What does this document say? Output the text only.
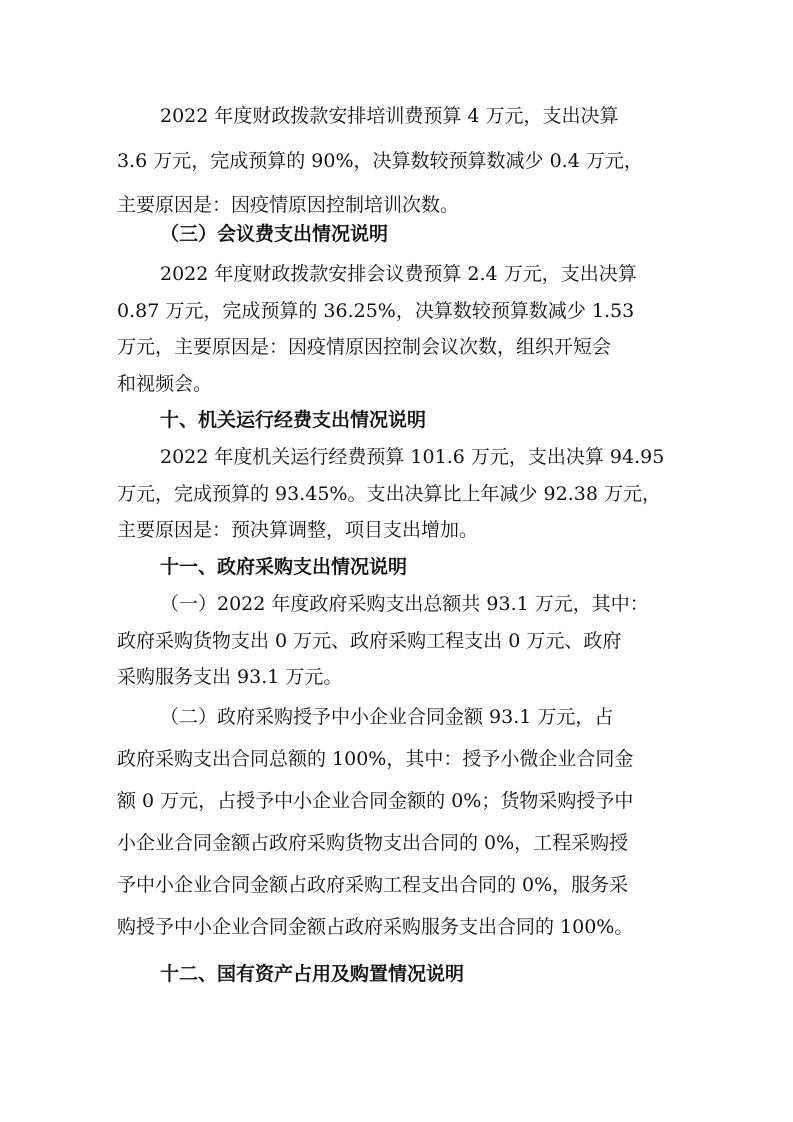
2022 年度财政拨款安排培训费预算 4 万元，支出决算
3.6 万元，完成预算的 90%，决算数较预算数减少 0.4 万元，
主要原因是：因疫情原因控制培训次数。
（三）会议费支出情况说明
2022 年度财政拨款安排会议费预算 2.4 万元，支出决算
0.87 万元，完成预算的 36.25%，决算数较预算数减少 1.53
万元，主要原因是：因疫情原因控制会议次数，组织开短会
和视频会。
十、机关运行经费支出情况说明
2022 年度机关运行经费预算 101.6 万元，支出决算 94.95
万元，完成预算的 93.45%。支出决算比上年减少 92.38 万元，
主要原因是：预决算调整，项目支出增加。
十一、政府采购支出情况说明
（一）2022 年度政府采购支出总额共 93.1 万元，其中：
政府采购货物支出 0 万元、政府采购工程支出 0 万元、政府
采购服务支出 93.1 万元。
（二）政府采购授予中小企业合同金额 93.1 万元，占
政府采购支出合同总额的 100%，其中：授予小微企业合同金
额 0 万元，占授予中小企业合同金额的 0%；货物采购授予中
小企业合同金额占政府采购货物支出合同的 0%，工程采购授
予中小企业合同金额占政府采购工程支出合同的 0%，服务采
购授予中小企业合同金额占政府采购服务支出合同的 100%。
十二、国有资产占用及购置情况说明
